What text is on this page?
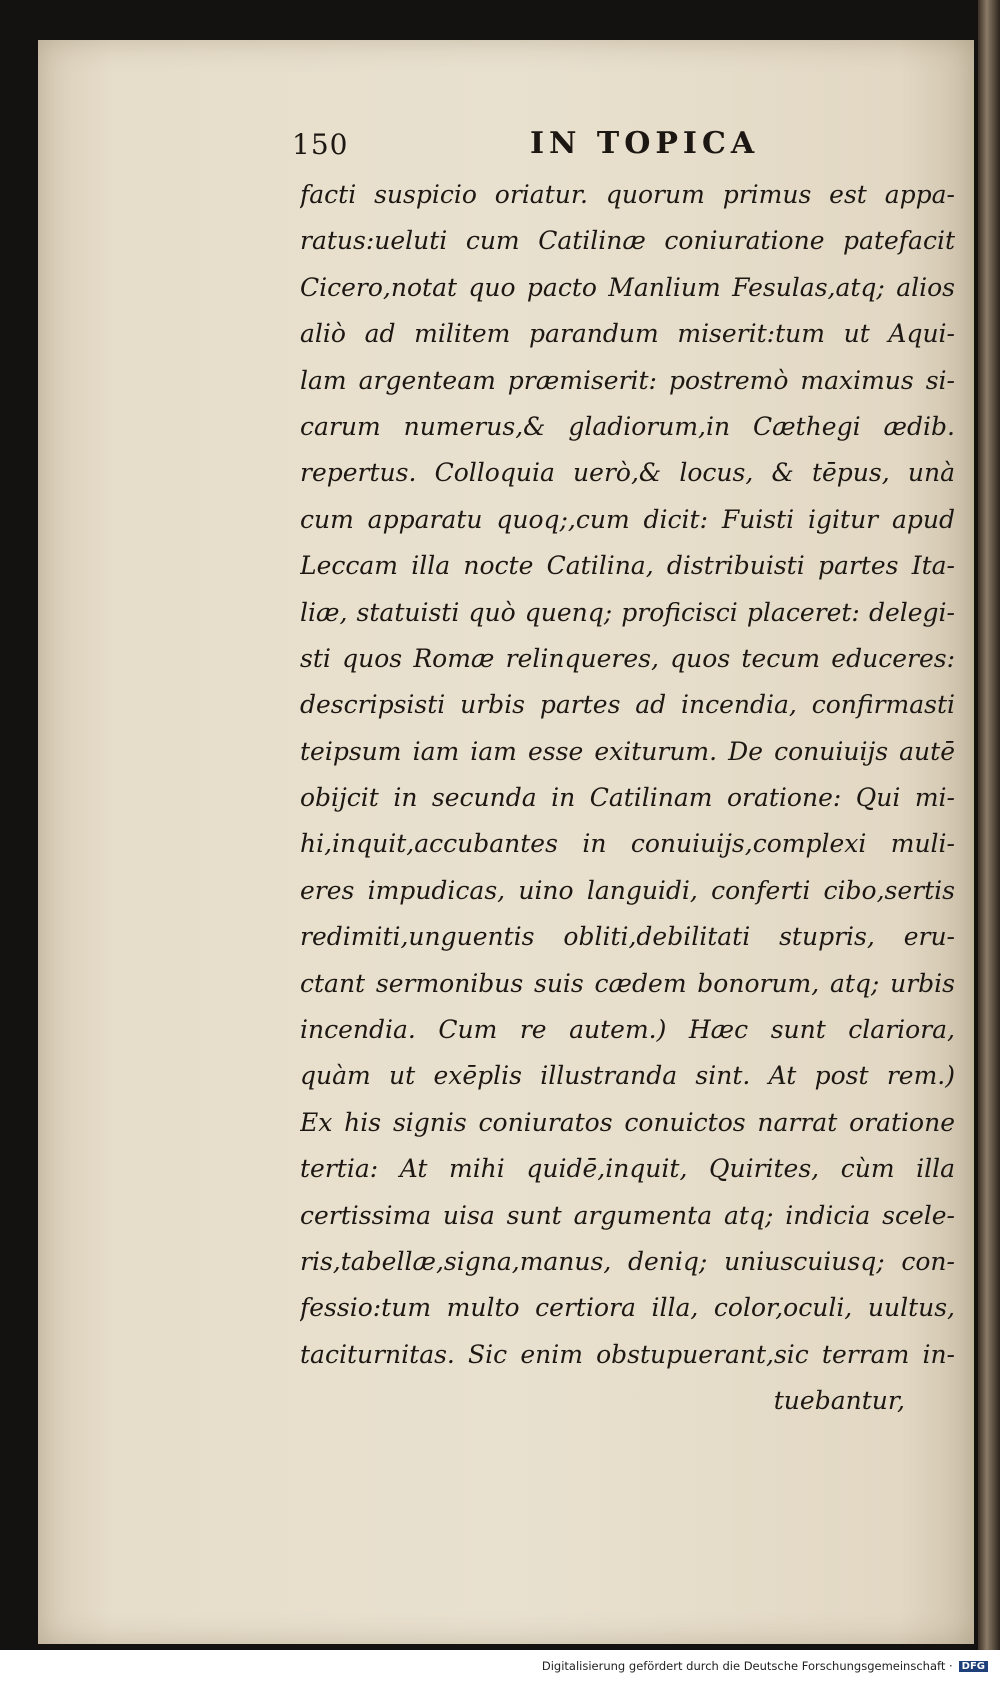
150	IN TOPICA
facti suspicio oriatur. quorum primus est appa-
ratus:ueluti cum Catilinæ coniuratione patefacit
Cicero,notat quo pacto Manlium Fesulas,atq; alios
aliò ad militem parandum miserit:tum ut Aqui-
lam argenteam præmiserit: postremò maximus si-
carum numerus,& gladiorum,in Cæthegi ædib.
repertus. Colloquia uerò,& locus, & tēpus, unà
cum apparatu quoq;,cum dicit: Fuisti igitur apud
Leccam illa nocte Catilina, distribuisti partes Ita-
liæ, statuisti quò quenq; proficisci placeret: delegi-
sti quos Romæ relinqueres, quos tecum educeres:
descripsisti urbis partes ad incendia, confirmasti
teipsum iam iam esse exiturum. De conuiuijs autē
obijcit in secunda in Catilinam oratione: Qui mi-
hi,inquit,accubantes in conuiuijs,complexi muli-
eres impudicas, uino languidi, conferti cibo,sertis
redimiti,unguentis obliti,debilitati stupris, eru-
ctant sermonibus suis cædem bonorum, atq; urbis
incendia. Cum re autem.) Hæc sunt clariora,
quàm ut exēplis illustranda sint. At post rem.)
Ex his signis coniuratos conuictos narrat oratione
tertia: At mihi quidē,inquit, Quirites, cùm illa
certissima uisa sunt argumenta atq; indicia scele-
ris,tabellæ,signa,manus, deniq; uniuscuiusq; con-
fessio:tum multo certiora illa, color,oculi, uultus,
taciturnitas. Sic enim obstupuerant,sic terram in-
tuebantur,
Digitalisierung gefördert durch die Deutsche Forschungsgemeinschaft · DFG
